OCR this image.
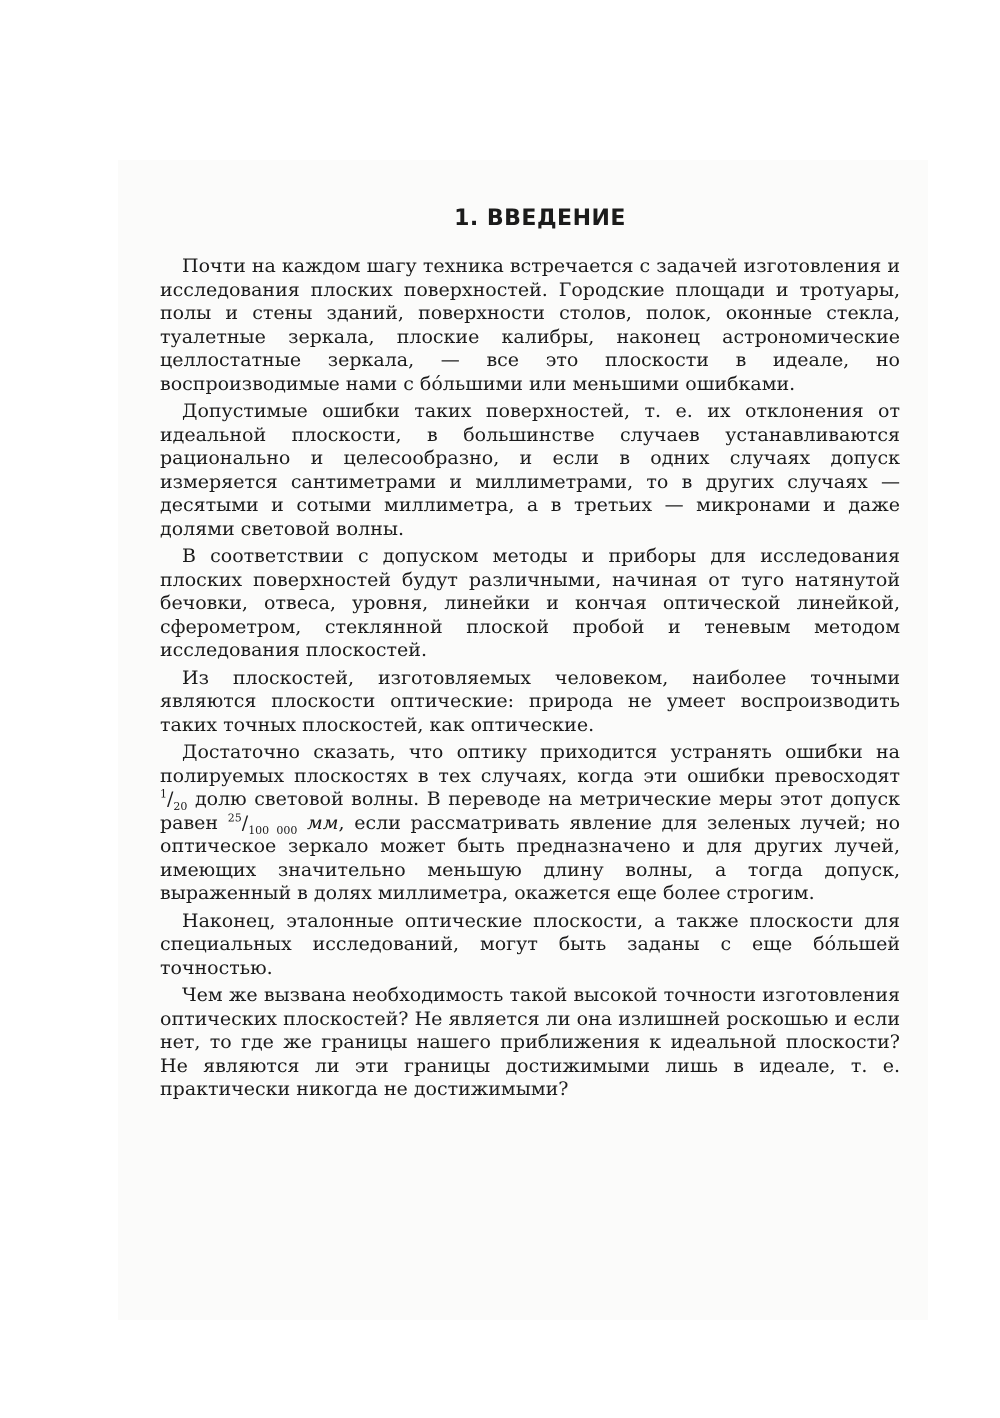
1. ВВЕДЕНИЕ

Почти на каждом шагу техника встречается с задачей изготовления и исследования плоских поверхностей. Городские площади и тротуары, полы и стены зданий, поверхности столов, полок, оконные стекла, туалетные зеркала, плоские калибры, наконец астрономические целлостатные зеркала, — все это плоскости в идеале, но воспроизводимые нами с бо́льшими или меньшими ошибками.

Допустимые ошибки таких поверхностей, т. е. их отклонения от идеальной плоскости, в большинстве случаев устанавливаются рационально и целесообразно, и если в одних случаях допуск измеряется сантиметрами и миллиметрами, то в других случаях — десятыми и сотыми миллиметра, а в третьих — микронами и даже долями световой волны.

В соответствии с допуском методы и приборы для исследования плоских поверхностей будут различными, начиная от туго натянутой бечовки, отвеса, уровня, линейки и кончая оптической линейкой, сферометром, стеклянной плоской пробой и теневым методом исследования плоскостей.

Из плоскостей, изготовляемых человеком, наиболее точными являются плоскости оптические: природа не умеет воспроизводить таких точных плоскостей, как оптические.

Достаточно сказать, что оптику приходится устранять ошибки на полируемых плоскостях в тех случаях, когда эти ошибки превосходят $^1/_{20}$ долю световой волны. В переводе на метрические меры этот допуск равен $^{25}/_{100 000}$ мм, если рассматривать явление для зеленых лучей; но оптическое зеркало может быть предназначено и для других лучей, имеющих значительно меньшую длину волны, а тогда допуск, выраженный в долях миллиметра, окажется еще более строгим.

Наконец, эталонные оптические плоскости, а также плоскости для специальных исследований, могут быть заданы с еще бо́льшей точностью.

Чем же вызвана необходимость такой высокой точности изготовления оптических плоскостей? Не является ли она излишней роскошью и если нет, то где же границы нашего приближения к идеальной плоскости? Не являются ли эти границы достижимыми лишь в идеале, т. е. практически никогда не достижимыми?
